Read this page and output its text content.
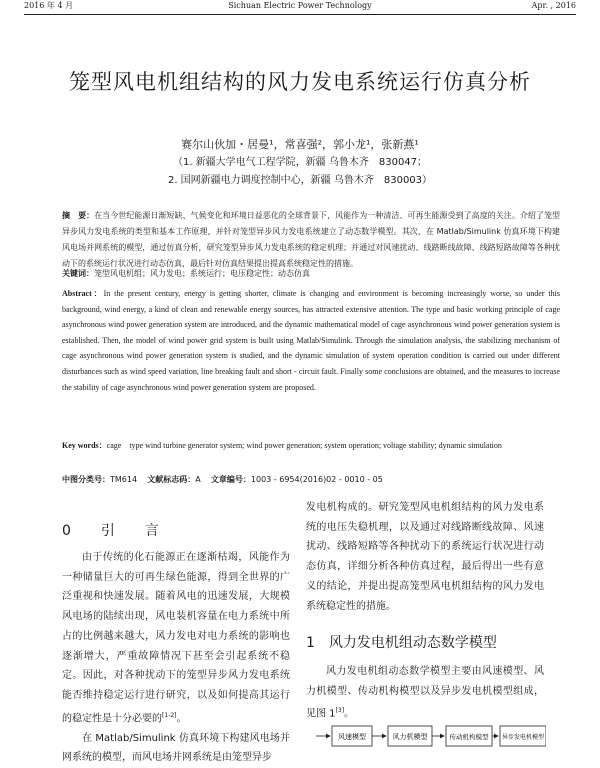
2016 年 4 月	Sichuan Electric Power Technology	Apr. , 2016
笼型风电机组结构的风力发电系统运行仿真分析
赛尔山伙加・居曼¹，常喜强²，郭小龙¹，张新燕¹
（1. 新疆大学电气工程学院，新疆 乌鲁木齐　830047；
2. 国网新疆电力调度控制中心，新疆 乌鲁木齐　830003）
摘　要：在当今世纪能源日渐短缺、气候变化和环境日益恶化的全球背景下，风能作为一种清洁、可再生能源受到了高度的关注。介绍了笼型异步风力发电系统的类型和基本工作原理，并针对笼型异步风力发电系统建立了动态数学模型。其次，在 Matlab/Simulink 仿真环境下构建风电场并网系统的模型，通过仿真分析，研究笼型异步风力发电系统的稳定机理；并通过对风速扰动、线路断线故障、线路短路故障等各种扰动下的系统运行状况进行动态仿真，最后针对仿真结果提出提高系统稳定性的措施。
关键词：笼型风电机组；风力发电；系统运行；电压稳定性；动态仿真
Abstract：In the present century, energy is getting shorter, climate is changing and environment is becoming increasingly worse, so under this background, wind energy, a kind of clean and renewable energy sources, has attracted extensive attention. The type and basic working principle of cage asynchronous wind power generation system are introduced, and the dynamic mathematical model of cage asynchronous wind power generation system is established. Then, the model of wind power grid system is built using Matlab/Simulink. Through the simulation analysis, the stabilizing mechanism of cage asynchronous wind power generation system is studied, and the dynamic simulation of system operation condition is carried out under different disturbances such as wind speed variation, line breaking fault and short - circuit fault. Finally some conclusions are obtained, and the measures to increase the stability of cage asynchronous wind power generation system are proposed.
Key words：cage　type wind turbine generator system; wind power generation; system operation; voltage stability; dynamic simulation
中图分类号：TM614 文献标志码：A 文章编号：1003 - 6954(2016)02 - 0010 - 05
0　引　言
由于传统的化石能源正在逐渐枯竭，风能作为一种储量巨大的可再生绿色能源，得到全世界的广泛重视和快速发展。随着风电的迅速发展，大规模风电场的陆续出现，风电装机容量在电力系统中所占的比例越来越大，风力发电对电力系统的影响也逐渐增大，严重故障情况下甚至会引起系统不稳定。因此，对各种扰动下的笼型异步风力发电系统能否维持稳定运行进行研究，以及如何提高其运行的稳定性是十分必要的[1-2]。
在 Matlab/Simulink 仿真环境下构建风电场并网系统的模型，而风电场并网系统是由笼型异步
发电机构成的。研究笼型风电机组结构的风力发电系统的电压失稳机理，以及通过对线路断线故障、风速扰动、线路短路等各种扰动下的系统运行状况进行动态仿真，详细分析各种仿真过程，最后得出一些有意义的结论，并提出提高笼型风电机组结构的风力发电系统稳定性的措施。
1　风力发电机组动态数学模型
风力发电机组动态数学模型主要由风速模型、风力机模型、传动机构模型以及异步发电机模型组成，见图 1[3]。
风速模型	风力机模型	传动机构模型 异步发电机模型
